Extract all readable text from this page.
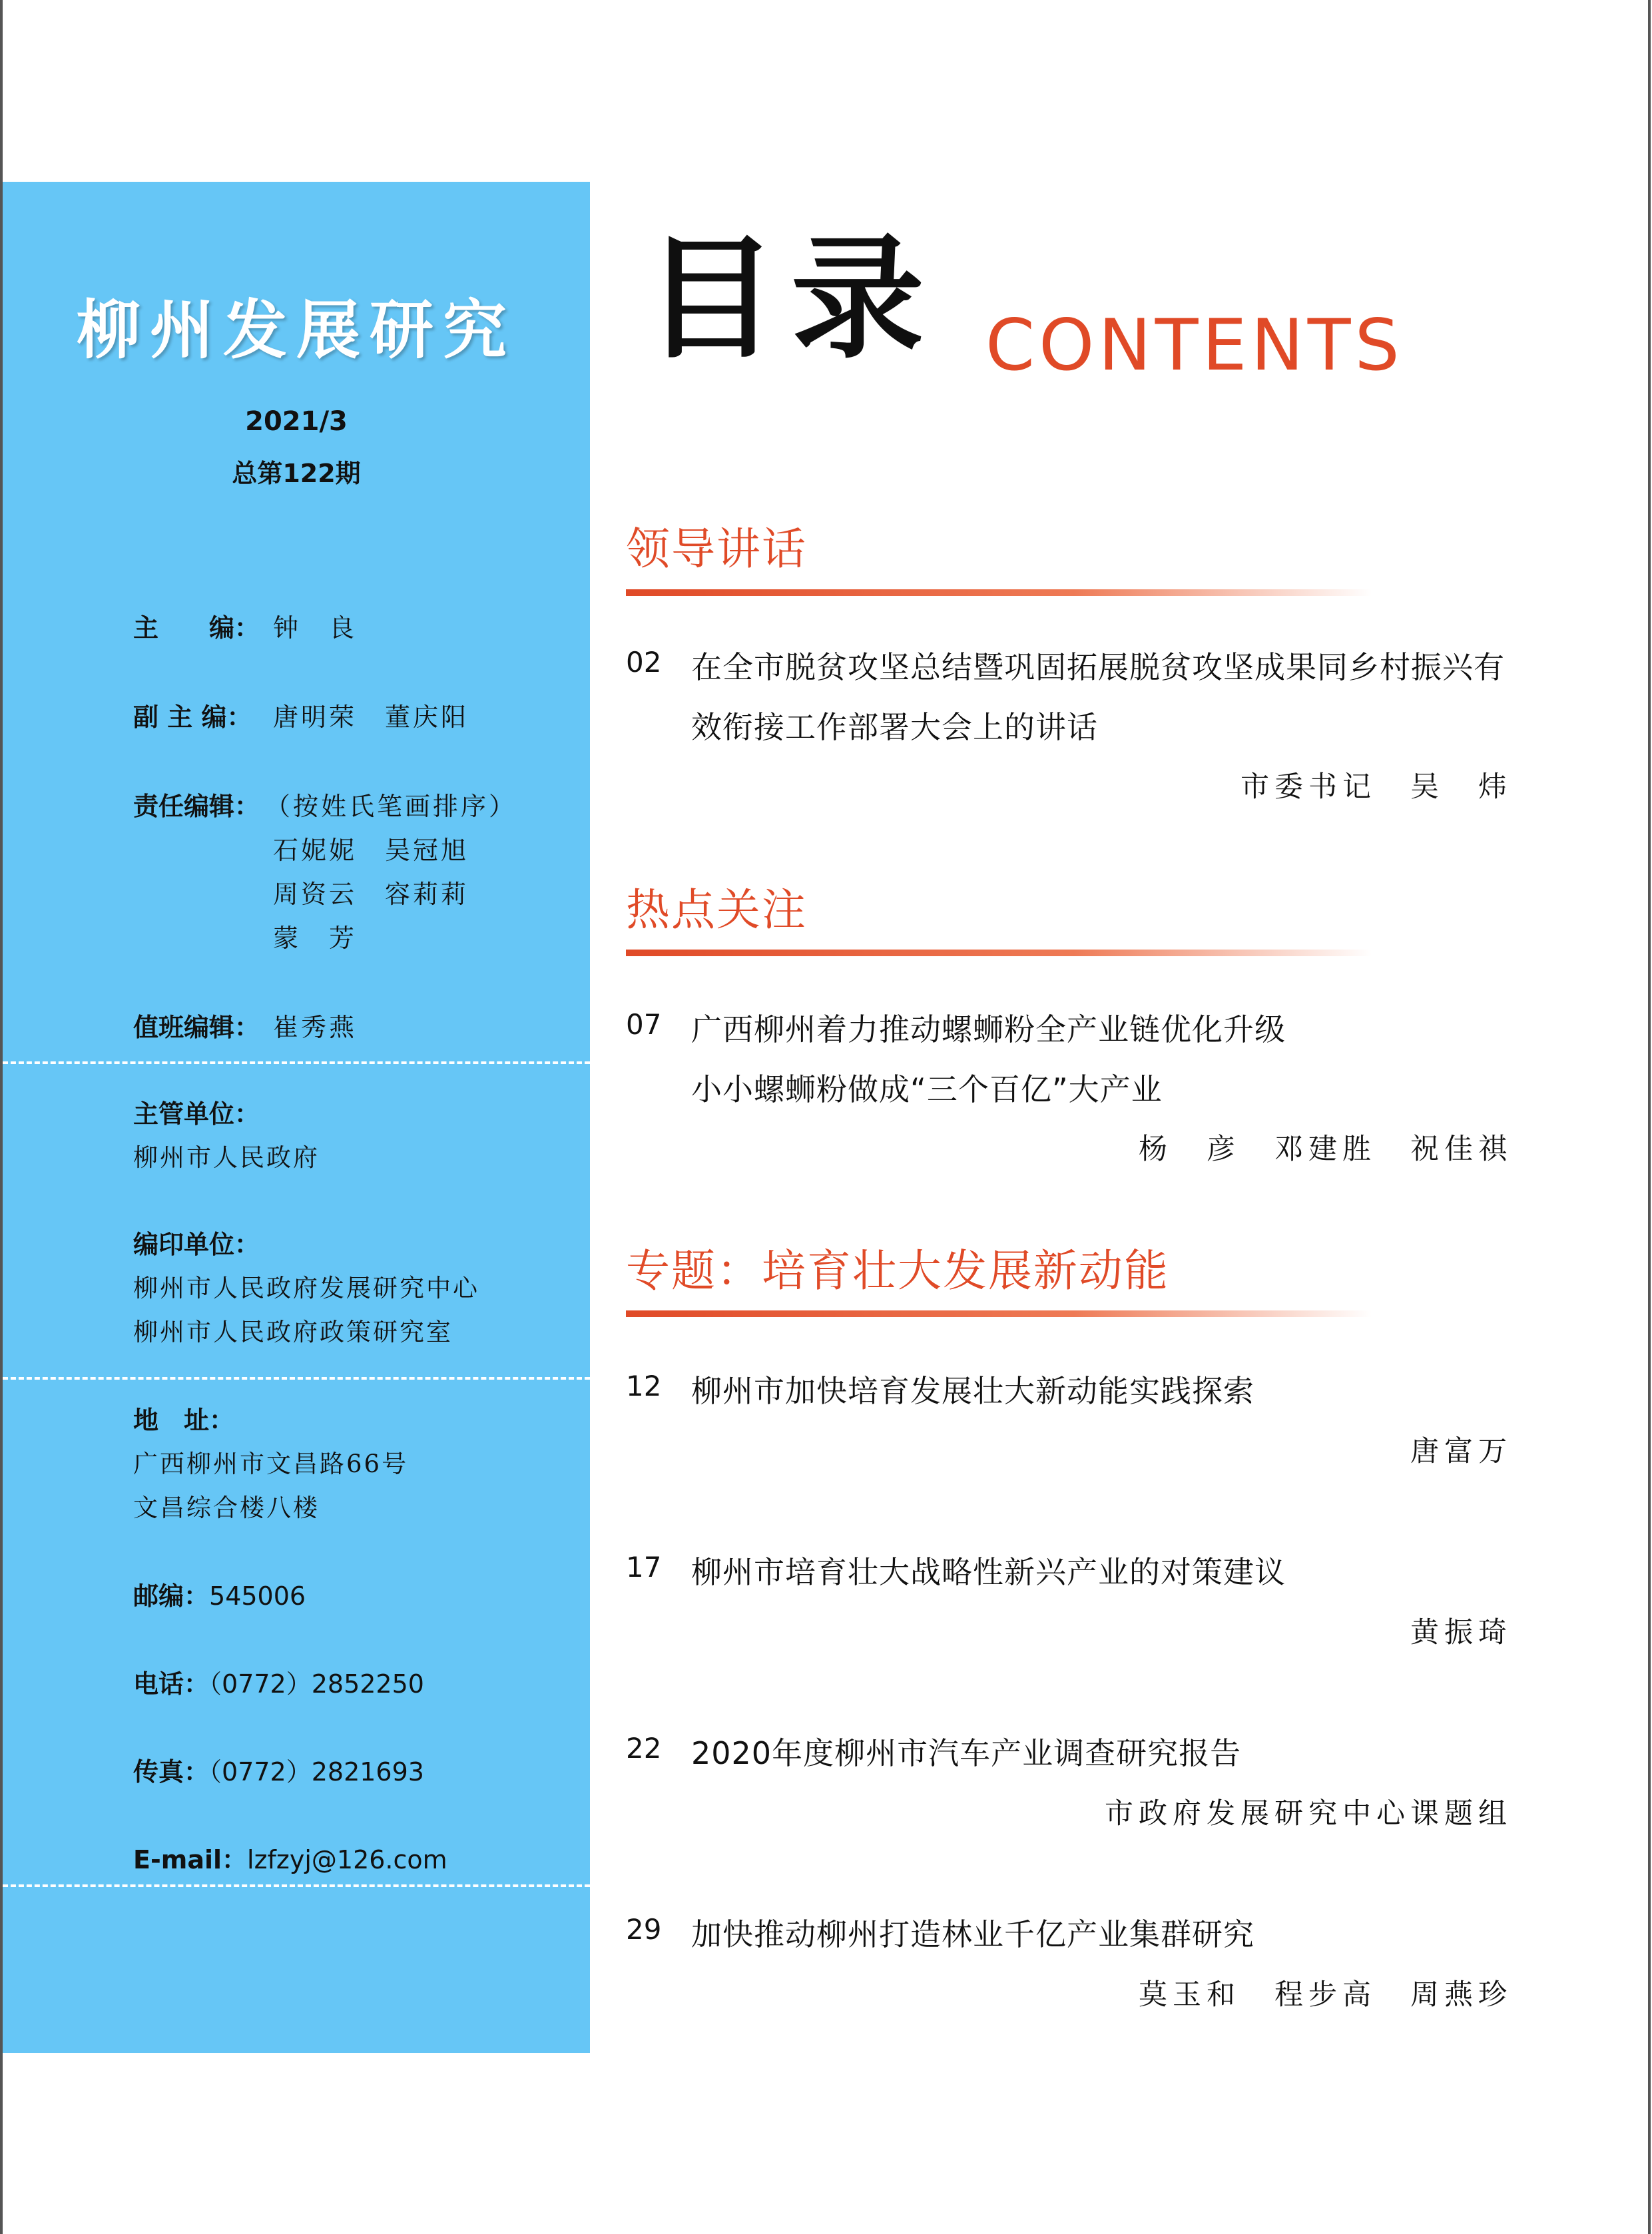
柳州发展研究
2021/3
总第122期
主　　编： 钟　良
副 主 编： 唐明荣　董庆阳
责任编辑： （按姓氏笔画排序）
石妮妮　吴冠旭
周资云　容莉莉
蒙　芳
值班编辑： 崔秀燕
主管单位：
柳州市人民政府
编印单位：
柳州市人民政府发展研究中心
柳州市人民政府政策研究室
地　址：
广西柳州市文昌路66号
文昌综合楼八楼
邮编：545006
电话：（0772）2852250
传真：（0772）2821693
E-mail：lzfzyj@126.com
目录 CONTENTS
领导讲话
02 在全市脱贫攻坚总结暨巩固拓展脱贫攻坚成果同乡村振兴有
效衔接工作部署大会上的讲话
市委书记　吴　炜
热点关注
07 广西柳州着力推动螺蛳粉全产业链优化升级
小小螺蛳粉做成“三个百亿”大产业
杨　彦　邓建胜　祝佳祺
专题：培育壮大发展新动能
12 柳州市加快培育发展壮大新动能实践探索
唐富万
17 柳州市培育壮大战略性新兴产业的对策建议
黄振琦
22 2020年度柳州市汽车产业调查研究报告
市政府发展研究中心课题组
29 加快推动柳州打造林业千亿产业集群研究
莫玉和　程步高　周燕珍
